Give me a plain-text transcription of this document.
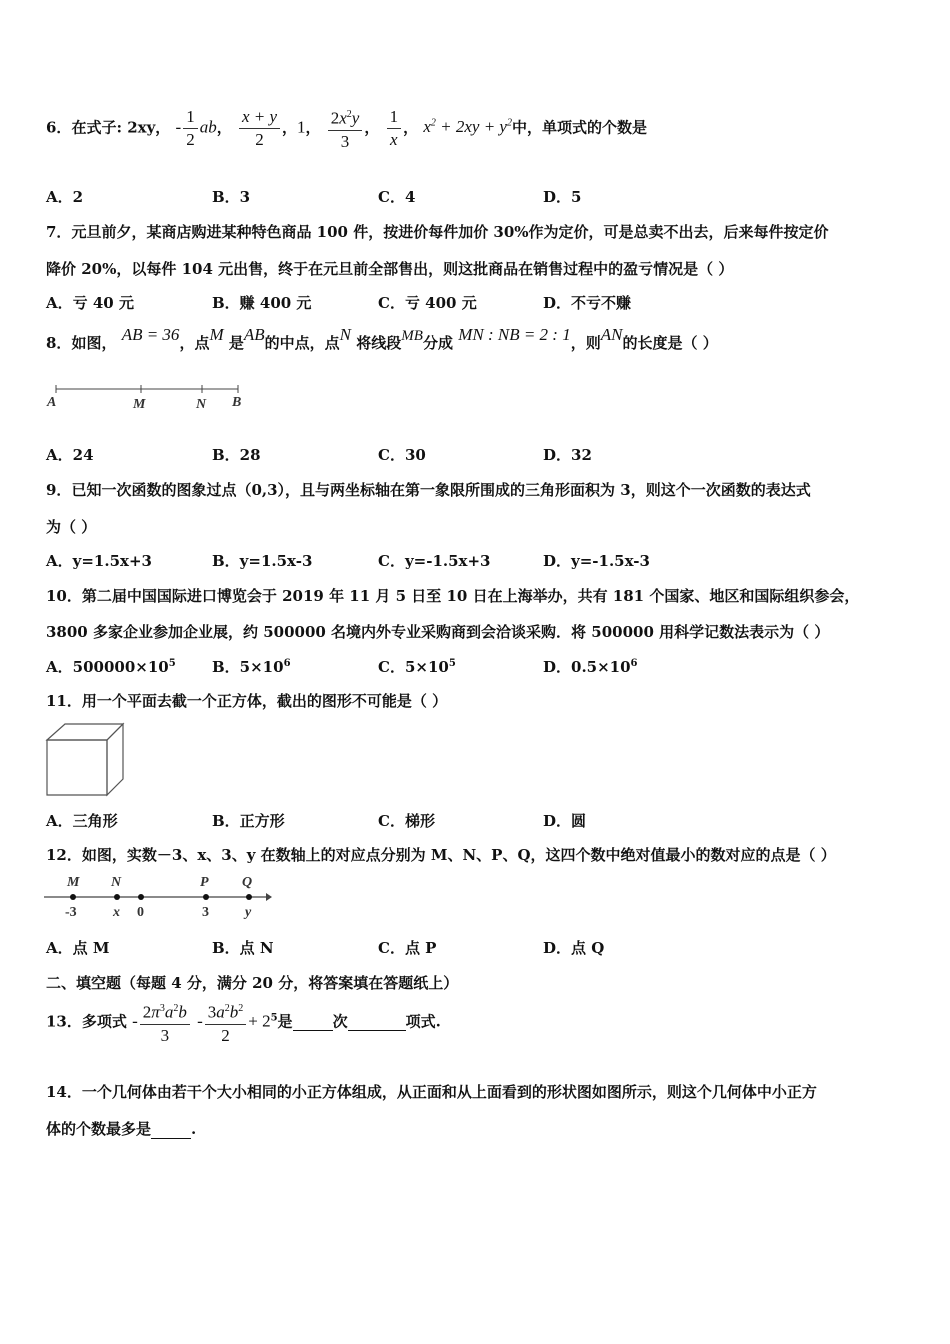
6．在式子: 2xy， - $\frac{1}{2}$ ab， $\frac{x + y}{2}$ ，1， $\frac{2x^2y}{3}$ ， $\frac{1}{x}$ ， $x^2 + 2xy + y^2$中，单项式的个数是
A．2	B．3	C．4	D．5
7．元旦前夕，某商店购进某种特色商品 100 件，按进价每件加价 30%作为定价，可是总卖不出去，后来每件按定价
降价 20%，以每件 104 元出售，终于在元旦前全部售出，则这批商品在销售过程中的盈亏情况是（ ）
A．亏 40 元	B．赚 400 元	C．亏 400 元	D．不亏不赚
8．如图， AB = 36，点M 是AB的中点，点N 将线段MB分成 MN : NB = 2 : 1，则AN的长度是（ ）
A	M	N B
A．24	B．28	C．30	D．32
9．已知一次函数的图象过点（0,3），且与两坐标轴在第一象限所围成的三角形面积为 3，则这个一次函数的表达式
为（ ）
A．y=1.5x+3	B．y=1.5x-3	C．y=-1.5x+3	D．y=-1.5x-3
10．第二届中国国际进口博览会于 2019 年 11 月 5 日至 10 日在上海举办，共有 181 个国家、地区和国际组织参会，
3800 多家企业参加企业展，约 500000 名境内外专业采购商到会洽谈采购．将 500000 用科学记数法表示为（ ）
A．$500000\times 10^5$ B．$5\times 10^6$	C．$5\times 10^5$	D．$0.5\times 10^6$
11．用一个平面去截一个正方体，截出的图形不可能是（ ）
A．三角形	B．正方形	C．梯形	D．圆
12．如图，实数－3、x、3、y 在数轴上的对应点分别为 M、N、P、Q，这四个数中绝对值最小的数对应的点是（ ）
M N	P Q
-3	x 0	3	y
A．点 M	B．点 N	C．点 P	D．点 Q
二、填空题（每题 4 分，满分 20 分，将答案填在答题纸上）
13．多项式 - $\frac{2\pi^3a^2b}{3} - \frac{3a^2b^2}{2} + 2^5$是	次	项式.
14．一个几何体由若干个大小相同的小正方体组成，从正面和从上面看到的形状图如图所示，则这个几何体中小正方
体的个数最多是	.
